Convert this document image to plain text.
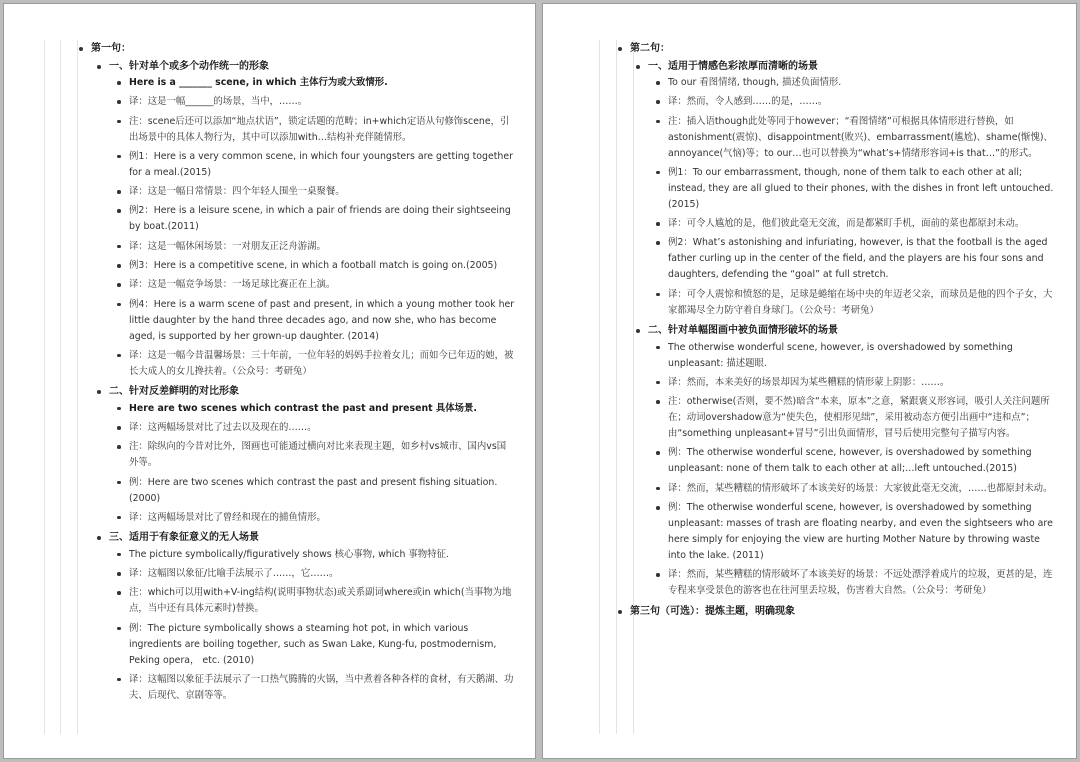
第一句：
一、针对单个或多个动作统一的形象
Here is a _______ scene, in which 主体行为或大致情形.
译：这是一幅______的场景，当中，……。
注：scene后还可以添加“地点状语”，锁定话题的范畴；in+which定语从句修饰scene，引出场景中的具体人物行为，其中可以添加with…结构补充伴随情形。
例1：Here is a very common scene, in which four youngsters are getting together for a meal.(2015)
译：这是一幅日常情景：四个年轻人围坐一桌聚餐。
例2：Here is a leisure scene, in which a pair of friends are doing their sightseeing by boat.(2011)
译：这是一幅休闲场景：一对朋友正泛舟游湖。
例3：Here is a competitive scene, in which a football match is going on.(2005)
译：这是一幅竞争场景：一场足球比赛正在上演。
例4：Here is a warm scene of past and present, in which a young mother took her little daughter by the hand three decades ago, and now she, who has become aged, is supported by her grown-up daughter. (2014)
译：这是一幅今昔温馨场景：三十年前，一位年轻的妈妈手拉着女儿；而如今已年迈的她，被长大成人的女儿搀扶着。（公众号：考研兔）
二、针对反差鲜明的对比形象
Here are two scenes which contrast the past and present 具体场景.
译：这两幅场景对比了过去以及现在的……。
注：除纵向的今昔对比外，图画也可能通过横向对比来表现主题，如乡村vs城市、国内vs国外等。
例：Here are two scenes which contrast the past and present fishing situation. (2000)
译：这两幅场景对比了曾经和现在的捕鱼情形。
三、适用于有象征意义的无人场景
The picture symbolically/figuratively shows 核心事物, which 事物特征.
译：这幅图以象征/比喻手法展示了……，它……。
注：which可以用with+V-ing结构(说明事物状态)或关系副词where或in which(当事物为地点，当中还有具体元素时)替换。
例：The picture symbolically shows a steaming hot pot, in which various ingredients are boiling together, such as Swan Lake, Kung-fu, postmodernism, Peking opera， etc. (2010)
译：这幅图以象征手法展示了一口热气腾腾的火锅，当中煮着各种各样的食材，有天鹅湖、功夫、后现代、京剧等等。
第二句：
一、适用于情感色彩浓厚而清晰的场景
To our 看图情绪, though, 描述负面情形.
译：然而，令人感到……的是，……。
注：插入语though此处等同于however；“看图情绪”可根据具体情形进行替换，如astonishment(震惊)、disappointment(败兴)、embarrassment(尴尬)、shame(惭愧)、annoyance(气恼)等；to our…也可以替换为“what’s+情绪形容词+is that…”的形式。
例1：To our embarrassment, though, none of them talk to each other at all; instead, they are all glued to their phones, with the dishes in front left untouched. (2015)
译：可令人尴尬的是，他们彼此毫无交流，而是都紧盯手机，面前的菜也都原封未动。
例2：What’s astonishing and infuriating, however, is that the football is the aged father curling up in the center of the field, and the players are his four sons and daughters, defending the “goal” at full stretch.
译：可令人震惊和愤怒的是，足球是蜷缩在场中央的年迈老父亲，而球员是他的四个子女，大家都竭尽全力防守着自身球门。（公众号：考研兔）
二、针对单幅图画中被负面情形破坏的场景
The otherwise wonderful scene, however, is overshadowed by something unpleasant: 描述题眼.
译：然而，本来美好的场景却因为某些糟糕的情形蒙上阴影：……。
注：otherwise(否则，要不然)暗含“本来，原本”之意，紧跟褒义形容词，吸引人关注问题所在；动词overshadow意为“使失色，使相形见绌”，采用被动态方便引出画中“违和点”；由“something unpleasant+冒号”引出负面情形，冒号后使用完整句子描写内容。
例：The otherwise wonderful scene, however, is overshadowed by something unpleasant: none of them talk to each other at all;…left untouched.(2015)
译：然而，某些糟糕的情形破坏了本该美好的场景：大家彼此毫无交流，……也都原封未动。
例：The otherwise wonderful scene, however, is overshadowed by something unpleasant: masses of trash are floating nearby, and even the sightseers who are here simply for enjoying the view are hurting Mother Nature by throwing waste into the lake. (2011)
译：然而，某些糟糕的情形破坏了本该美好的场景：不远处漂浮着成片的垃圾，更甚的是，连专程来享受景色的游客也在往河里丢垃圾，伤害着大自然。（公众号：考研兔）
第三句（可选）：提炼主题，明确现象
